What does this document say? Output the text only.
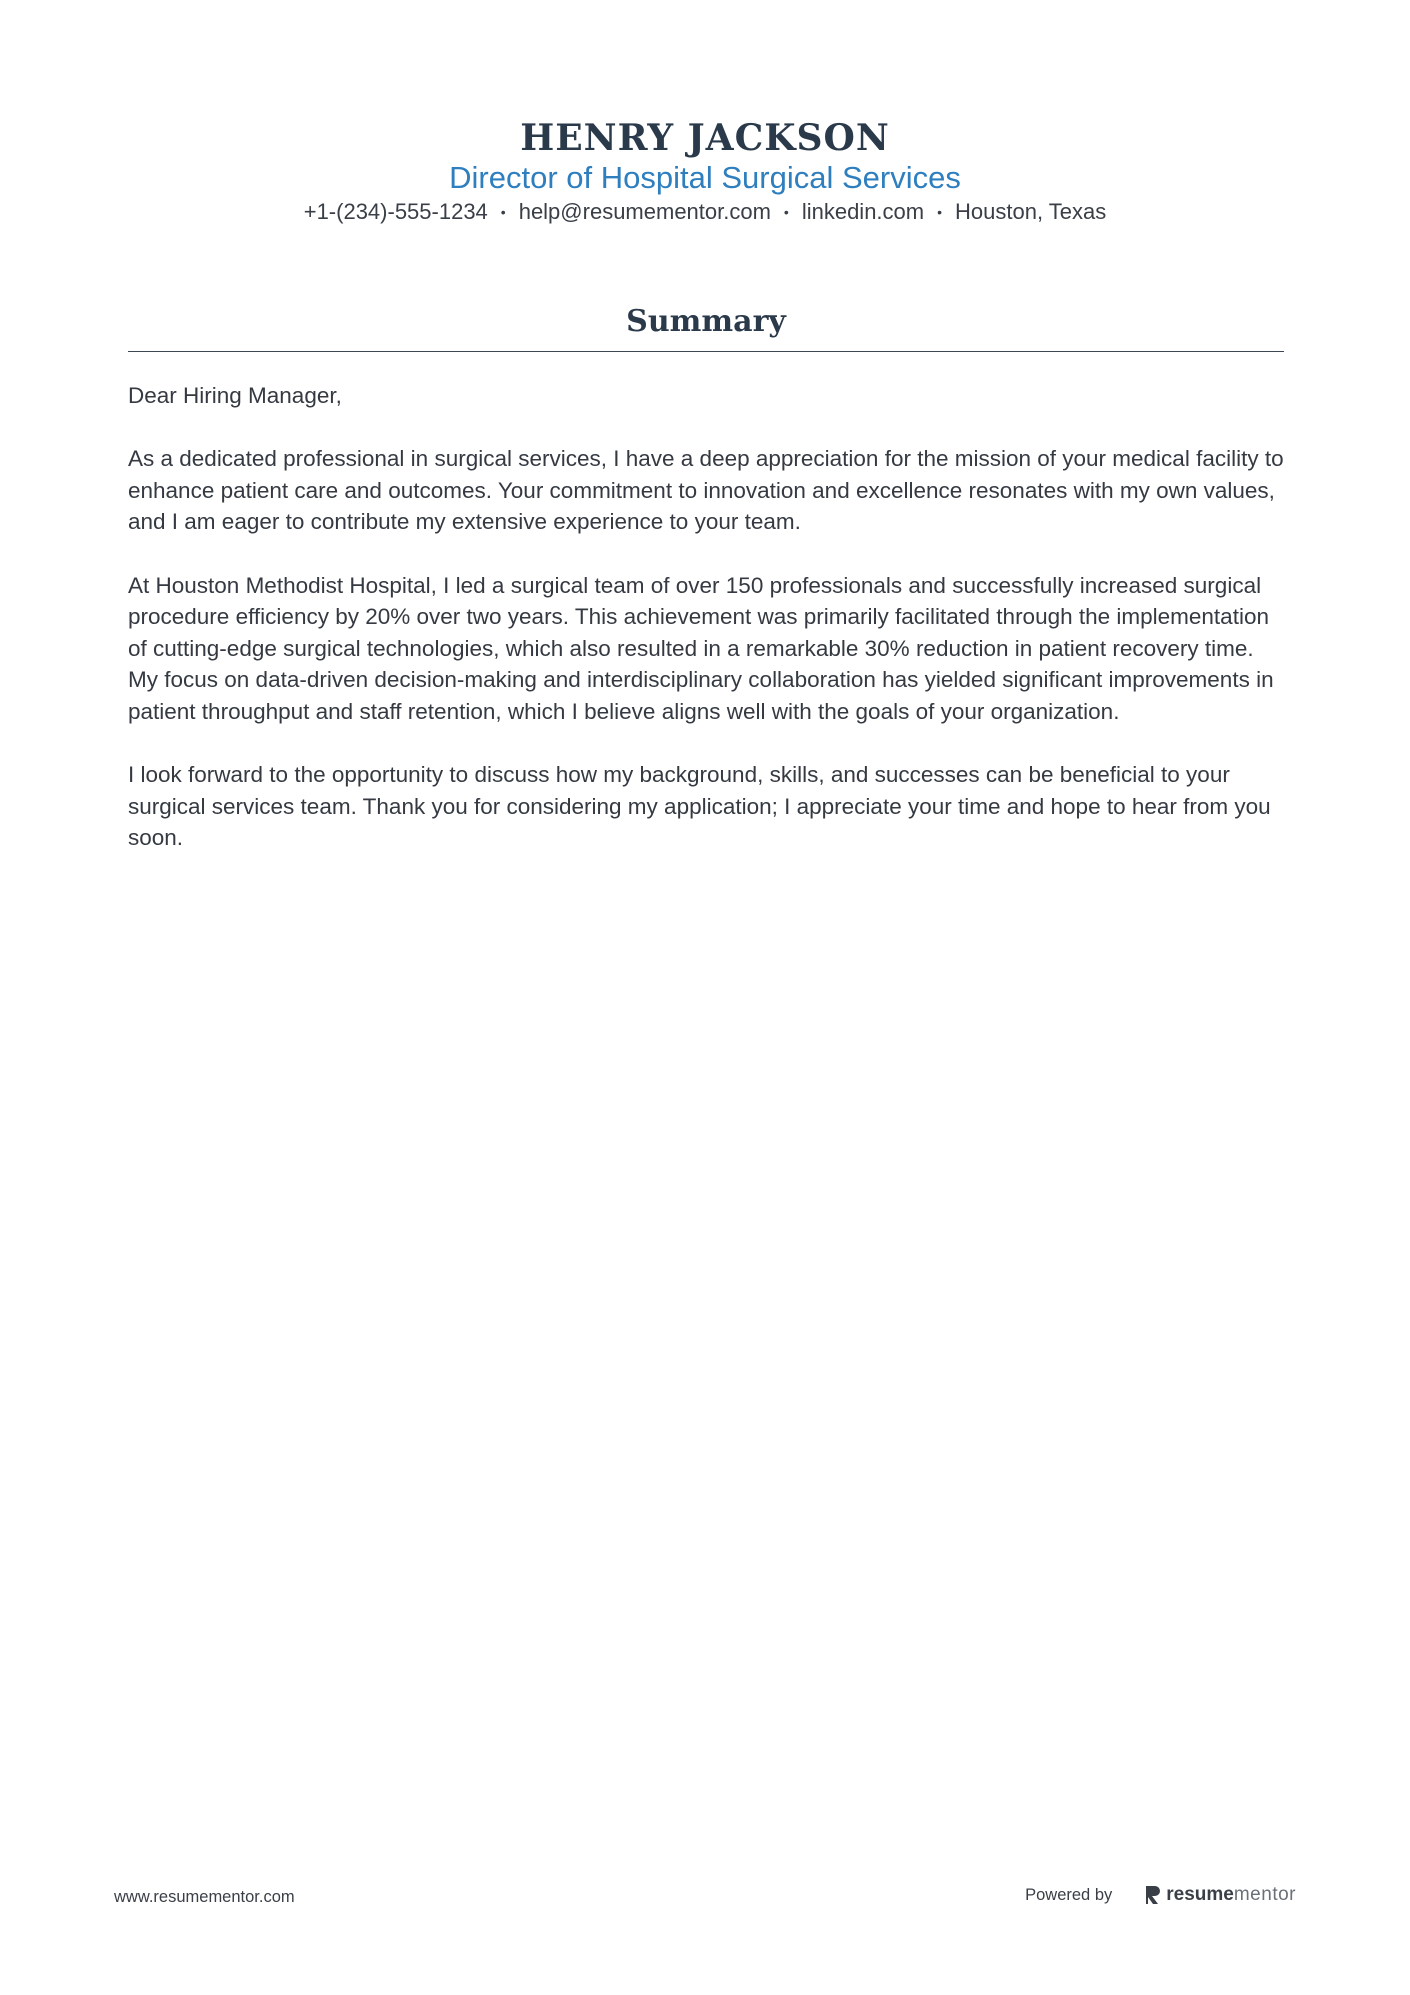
HENRY JACKSON
Director of Hospital Surgical Services
+1-(234)-555-1234 • help@resumementor.com • linkedin.com • Houston, Texas
Summary

Dear Hiring Manager,

As a dedicated professional in surgical services, I have a deep appreciation for the mission of your medical facility to enhance patient care and outcomes. Your commitment to innovation and excellence resonates with my own values, and I am eager to contribute my extensive experience to your team.

At Houston Methodist Hospital, I led a surgical team of over 150 professionals and successfully increased surgical procedure efficiency by 20% over two years. This achievement was primarily facilitated through the implementation of cutting-edge surgical technologies, which also resulted in a remarkable 30% reduction in patient recovery time. My focus on data-driven decision-making and interdisciplinary collaboration has yielded significant improvements in patient throughput and staff retention, which I believe aligns well with the goals of your organization.

I look forward to the opportunity to discuss how my background, skills, and successes can be beneficial to your surgical services team. Thank you for considering my application; I appreciate your time and hope to hear from you soon.

www.resumementor.com	Powered by	resume mentor
